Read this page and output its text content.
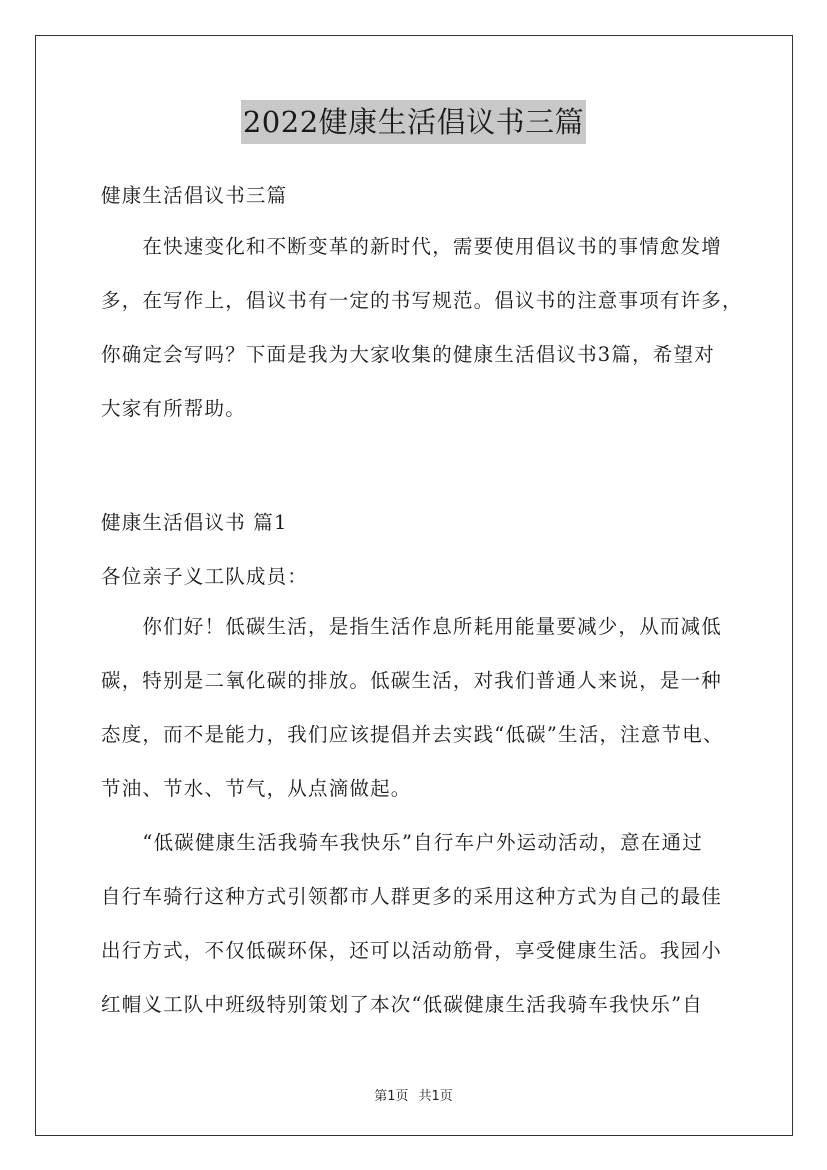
2022健康生活倡议书三篇
健康生活倡议书三篇
　　在快速变化和不断变革的新时代，需要使用倡议书的事情愈发增
多，在写作上，倡议书有一定的书写规范。倡议书的注意事项有许多，
你确定会写吗？下面是我为大家收集的健康生活倡议书3篇，希望对
大家有所帮助。
健康生活倡议书 篇1
各位亲子义工队成员：
　　你们好！低碳生活，是指生活作息所耗用能量要减少，从而减低
碳，特别是二氧化碳的排放。低碳生活，对我们普通人来说，是一种
态度，而不是能力，我们应该提倡并去实践“低碳”生活，注意节电、
节油、节水、节气，从点滴做起。
　　“低碳健康生活我骑车我快乐”自行车户外运动活动，意在通过
自行车骑行这种方式引领都市人群更多的采用这种方式为自己的最佳
出行方式，不仅低碳环保，还可以活动筋骨，享受健康生活。我园小
红帽义工队中班级特别策划了本次“低碳健康生活我骑车我快乐”自
第1页 共1页
